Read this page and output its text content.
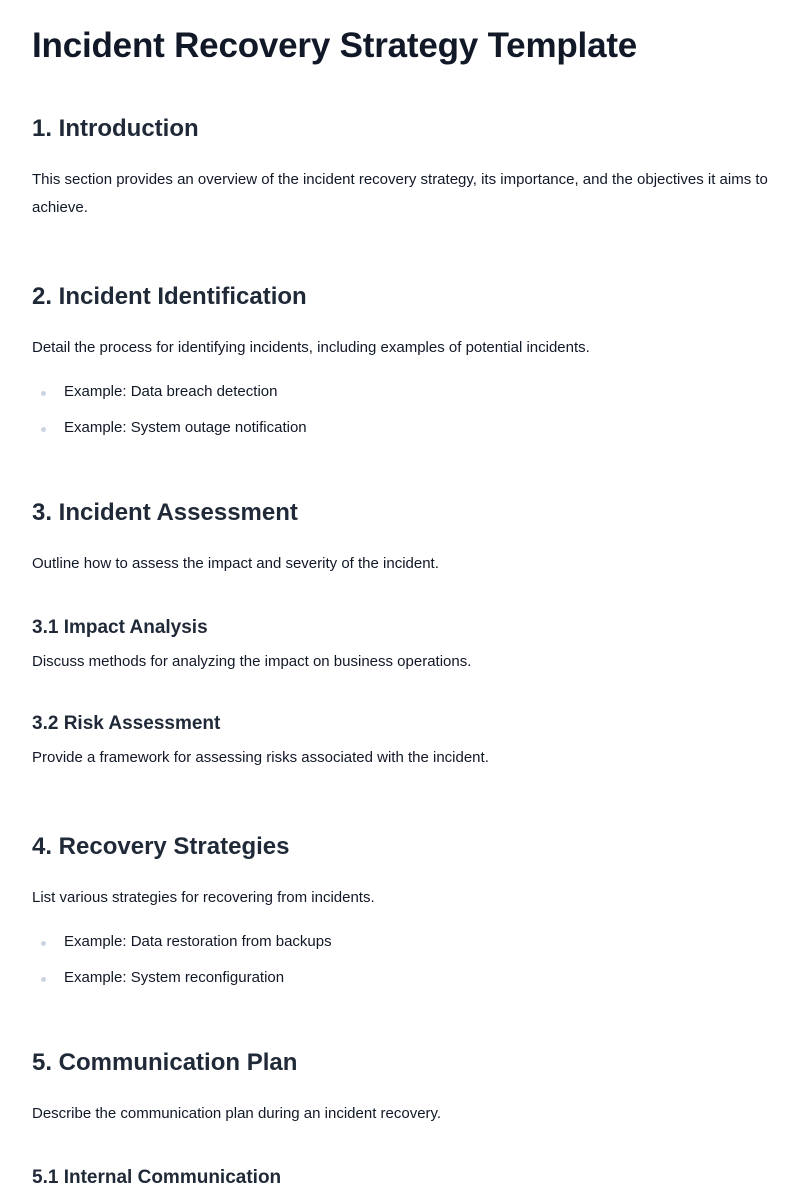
Incident Recovery Strategy Template
1. Introduction

This section provides an overview of the incident recovery strategy, its importance, and the objectives it aims to achieve.

2. Incident Identification

Detail the process for identifying incidents, including examples of potential incidents.

Example: Data breach detection
Example: System outage notification
3. Incident Assessment

Outline how to assess the impact and severity of the incident.

3.1 Impact Analysis

Discuss methods for analyzing the impact on business operations.

3.2 Risk Assessment

Provide a framework for assessing risks associated with the incident.

4. Recovery Strategies

List various strategies for recovering from incidents.

Example: Data restoration from backups
Example: System reconfiguration
5. Communication Plan

Describe the communication plan during an incident recovery.

5.1 Internal Communication
